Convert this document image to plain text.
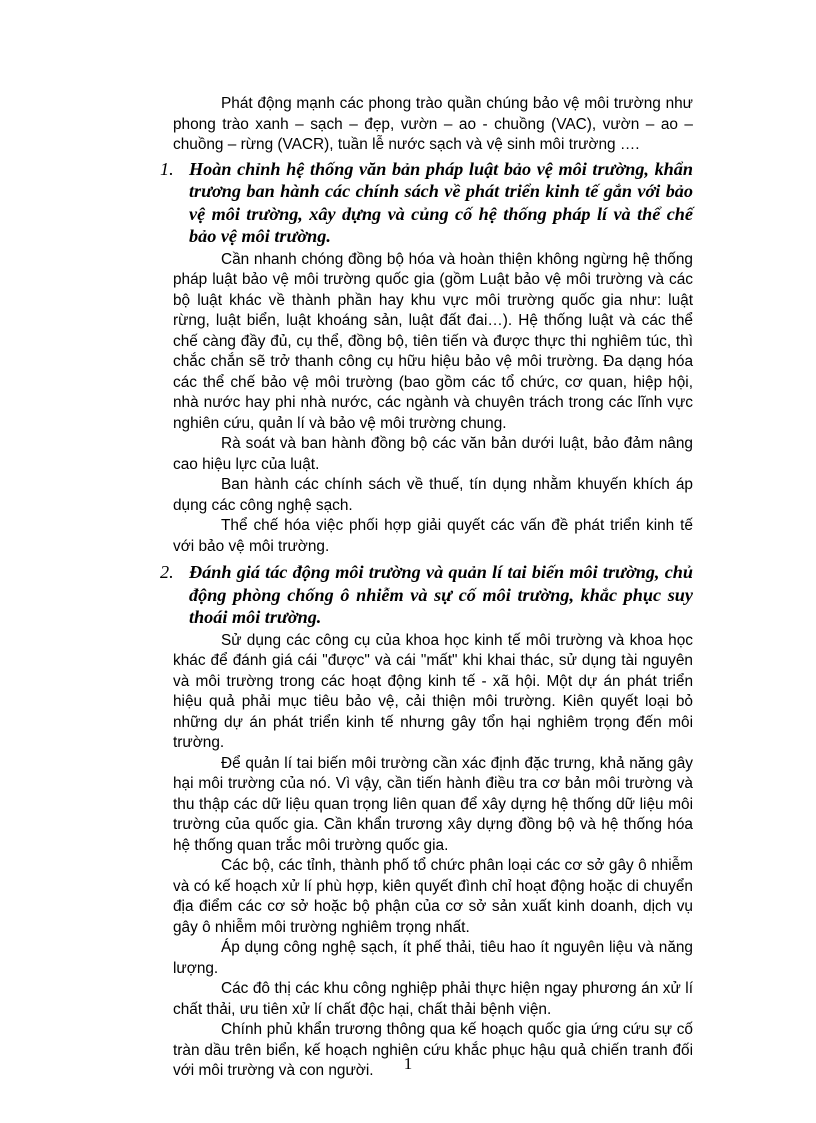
Phát động mạnh các phong trào quần chúng bảo vệ môi trường như phong trào xanh – sạch – đẹp, vườn – ao - chuồng (VAC), vườn – ao – chuồng – rừng (VACR), tuần lễ nước sạch và vệ sinh môi trường ….

1. Hoàn chỉnh hệ thống văn bản pháp luật bảo vệ môi trường, khẩn trương ban hành các chính sách về phát triển kinh tế gắn với bảo vệ môi trường, xây dựng và củng cố hệ thống pháp lí và thể chế bảo vệ môi trường.

Cần nhanh chóng đồng bộ hóa và hoàn thiện không ngừng hệ thống pháp luật bảo vệ môi trường quốc gia (gồm Luật bảo vệ môi trường và các bộ luật khác về thành phần hay khu vực môi trường quốc gia như: luật rừng, luật biển, luật khoáng sản, luật đất đai…). Hệ thống luật và các thể chế càng đầy đủ, cụ thể, đồng bộ, tiên tiến và được thực thi nghiêm túc, thì chắc chắn sẽ trở thanh công cụ hữu hiệu bảo vệ môi trường. Đa dạng hóa các thể chế bảo vệ môi trường (bao gồm các tổ chức, cơ quan, hiệp hội, nhà nước hay phi nhà nước, các ngành và chuyên trách trong các lĩnh vực nghiên cứu, quản lí và bảo vệ môi trường chung.

Rà soát và ban hành đồng bộ các văn bản dưới luật, bảo đảm nâng cao hiệu lực của luật.

Ban hành các chính sách về thuế, tín dụng nhằm khuyến khích áp dụng các công nghệ sạch.

Thể chế hóa việc phối hợp giải quyết các vấn đề phát triển kinh tế với bảo vệ môi trường.

2. Đánh giá tác động môi trường và quản lí tai biến môi trường, chủ động phòng chống ô nhiễm và sự cố môi trường, khắc phục suy thoái môi trường.

Sử dụng các công cụ của khoa học kinh tế môi trường và khoa học khác để đánh giá cái "được" và cái "mất" khi khai thác, sử dụng tài nguyên và môi trường trong các hoạt động kinh tế - xã hội. Một dự án phát triển hiệu quả phải mục tiêu bảo vệ, cải thiện môi trường. Kiên quyết loại bỏ những dự án phát triển kinh tế nhưng gây tổn hại nghiêm trọng đến môi trường.

Để quản lí tai biến môi trường cần xác định đặc trưng, khả năng gây hại môi trường của nó. Vì vậy, cần tiến hành điều tra cơ bản môi trường và thu thập các dữ liệu quan trọng liên quan để xây dựng hệ thống dữ liệu môi trường của quốc gia. Cần khẩn trương xây dựng đồng bộ và hệ thống hóa hệ thống quan trắc môi trường quốc gia.

Các bộ, các tỉnh, thành phố tổ chức phân loại các cơ sở gây ô nhiễm và có kế hoạch xử lí phù hợp, kiên quyết đình chỉ hoạt động hoặc di chuyển địa điểm các cơ sở hoặc bộ phận của cơ sở sản xuất kinh doanh, dịch vụ gây ô nhiễm môi trường nghiêm trọng nhất.

Áp dụng công nghệ sạch, ít phế thải, tiêu hao ít nguyên liệu và năng lượng.

Các đô thị các khu công nghiệp phải thực hiện ngay phương án xử lí chất thải, ưu tiên xử lí chất độc hại, chất thải bệnh viện.

Chính phủ khẩn trương thông qua kế hoạch quốc gia ứng cứu sự cố tràn dầu trên biển, kế hoạch nghiên cứu khắc phục hậu quả chiến tranh đối với môi trường và con người.	1
